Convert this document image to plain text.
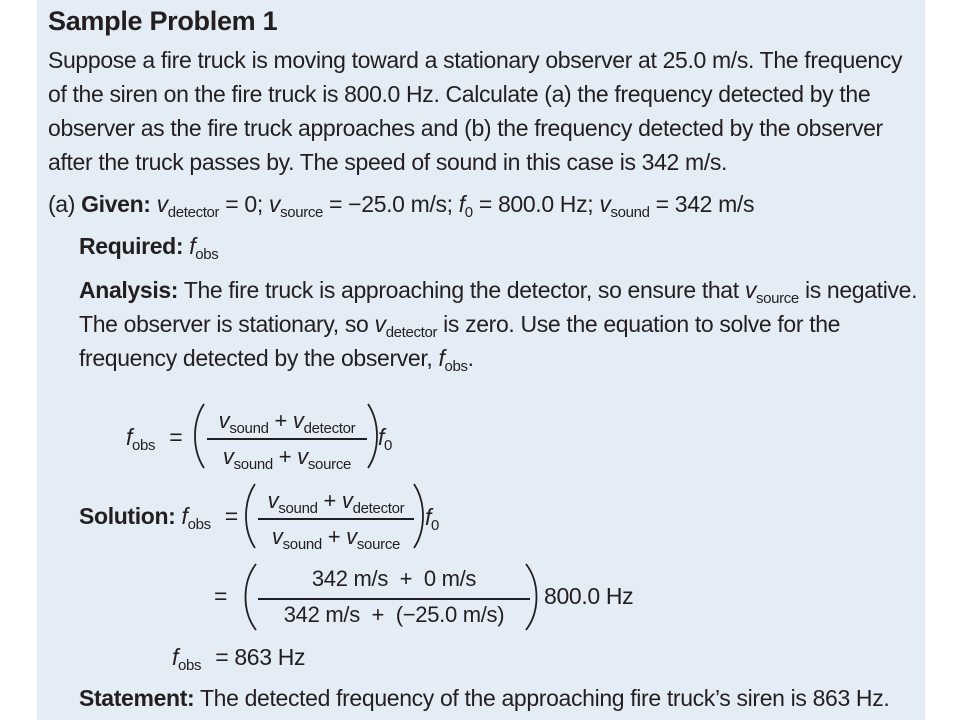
Sample Problem 1
Suppose a fire truck is moving toward a stationary observer at 25.0 m/s. The frequency
of the siren on the fire truck is 800.0 Hz. Calculate (a) the frequency detected by the
observer as the fire truck approaches and (b) the frequency detected by the observer
after the truck passes by. The speed of sound in this case is 342 m/s.
(a) Given: $v_{detector} = 0$; $v_{source} = -25.0$ m/s; $f_0 = 800.0$ Hz; $v_{sound} = 342$ m/s
Required: $f_{obs}$
Analysis: The fire truck is approaching the detector, so ensure that $v_{source}$ is negative.
The observer is stationary, so $v_{detector}$ is zero. Use the equation to solve for the
frequency detected by the observer, $f_{obs}$.
$f_{obs}$ =
$v_{sound} + v_{detector}$
$v_{sound} + v_{source}$
$f_0$
Solution: $f_{obs}$ =
$v_{sound} + v_{detector}$
$v_{sound} + v_{source}$
$f_0$
=
342 m/s  +  0 m/s
342 m/s  +  (−25.0 m/s)
800.0 Hz
$f_{obs} = 863$ Hz
Statement: The detected frequency of the approaching fire truck’s siren is 863 Hz.
